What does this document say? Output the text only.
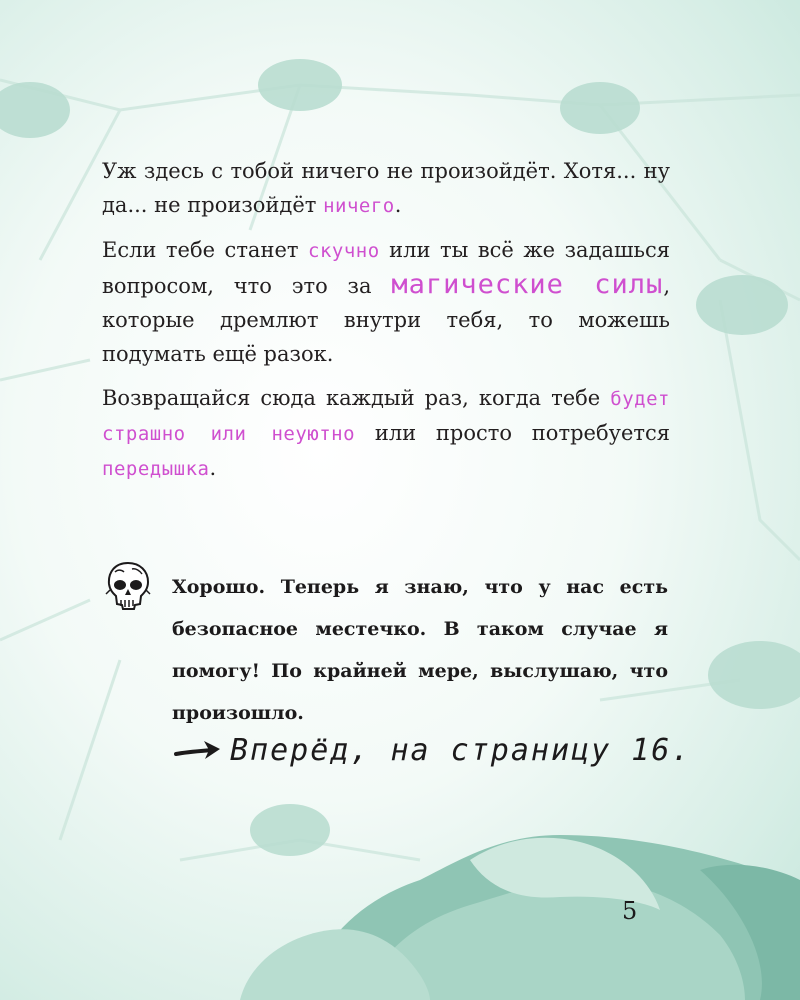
Уж здесь с тобой ничего не произойдёт. Хотя... ну да... не произойдёт ничего.

Если тебе станет скучно или ты всё же задашься вопросом, что это за магические силы, которые дремлют внутри тебя, то можешь подумать ещё разок.

Возвращайся сюда каждый раз, когда тебе будет страшно или неуютно или просто потребуется передышка.

Хорошо. Теперь я знаю, что у нас есть безопасное местечко. В таком случае я помогу! По крайней мере, выслушаю, что произошло.
Вперёд, на страницу 16.
5
